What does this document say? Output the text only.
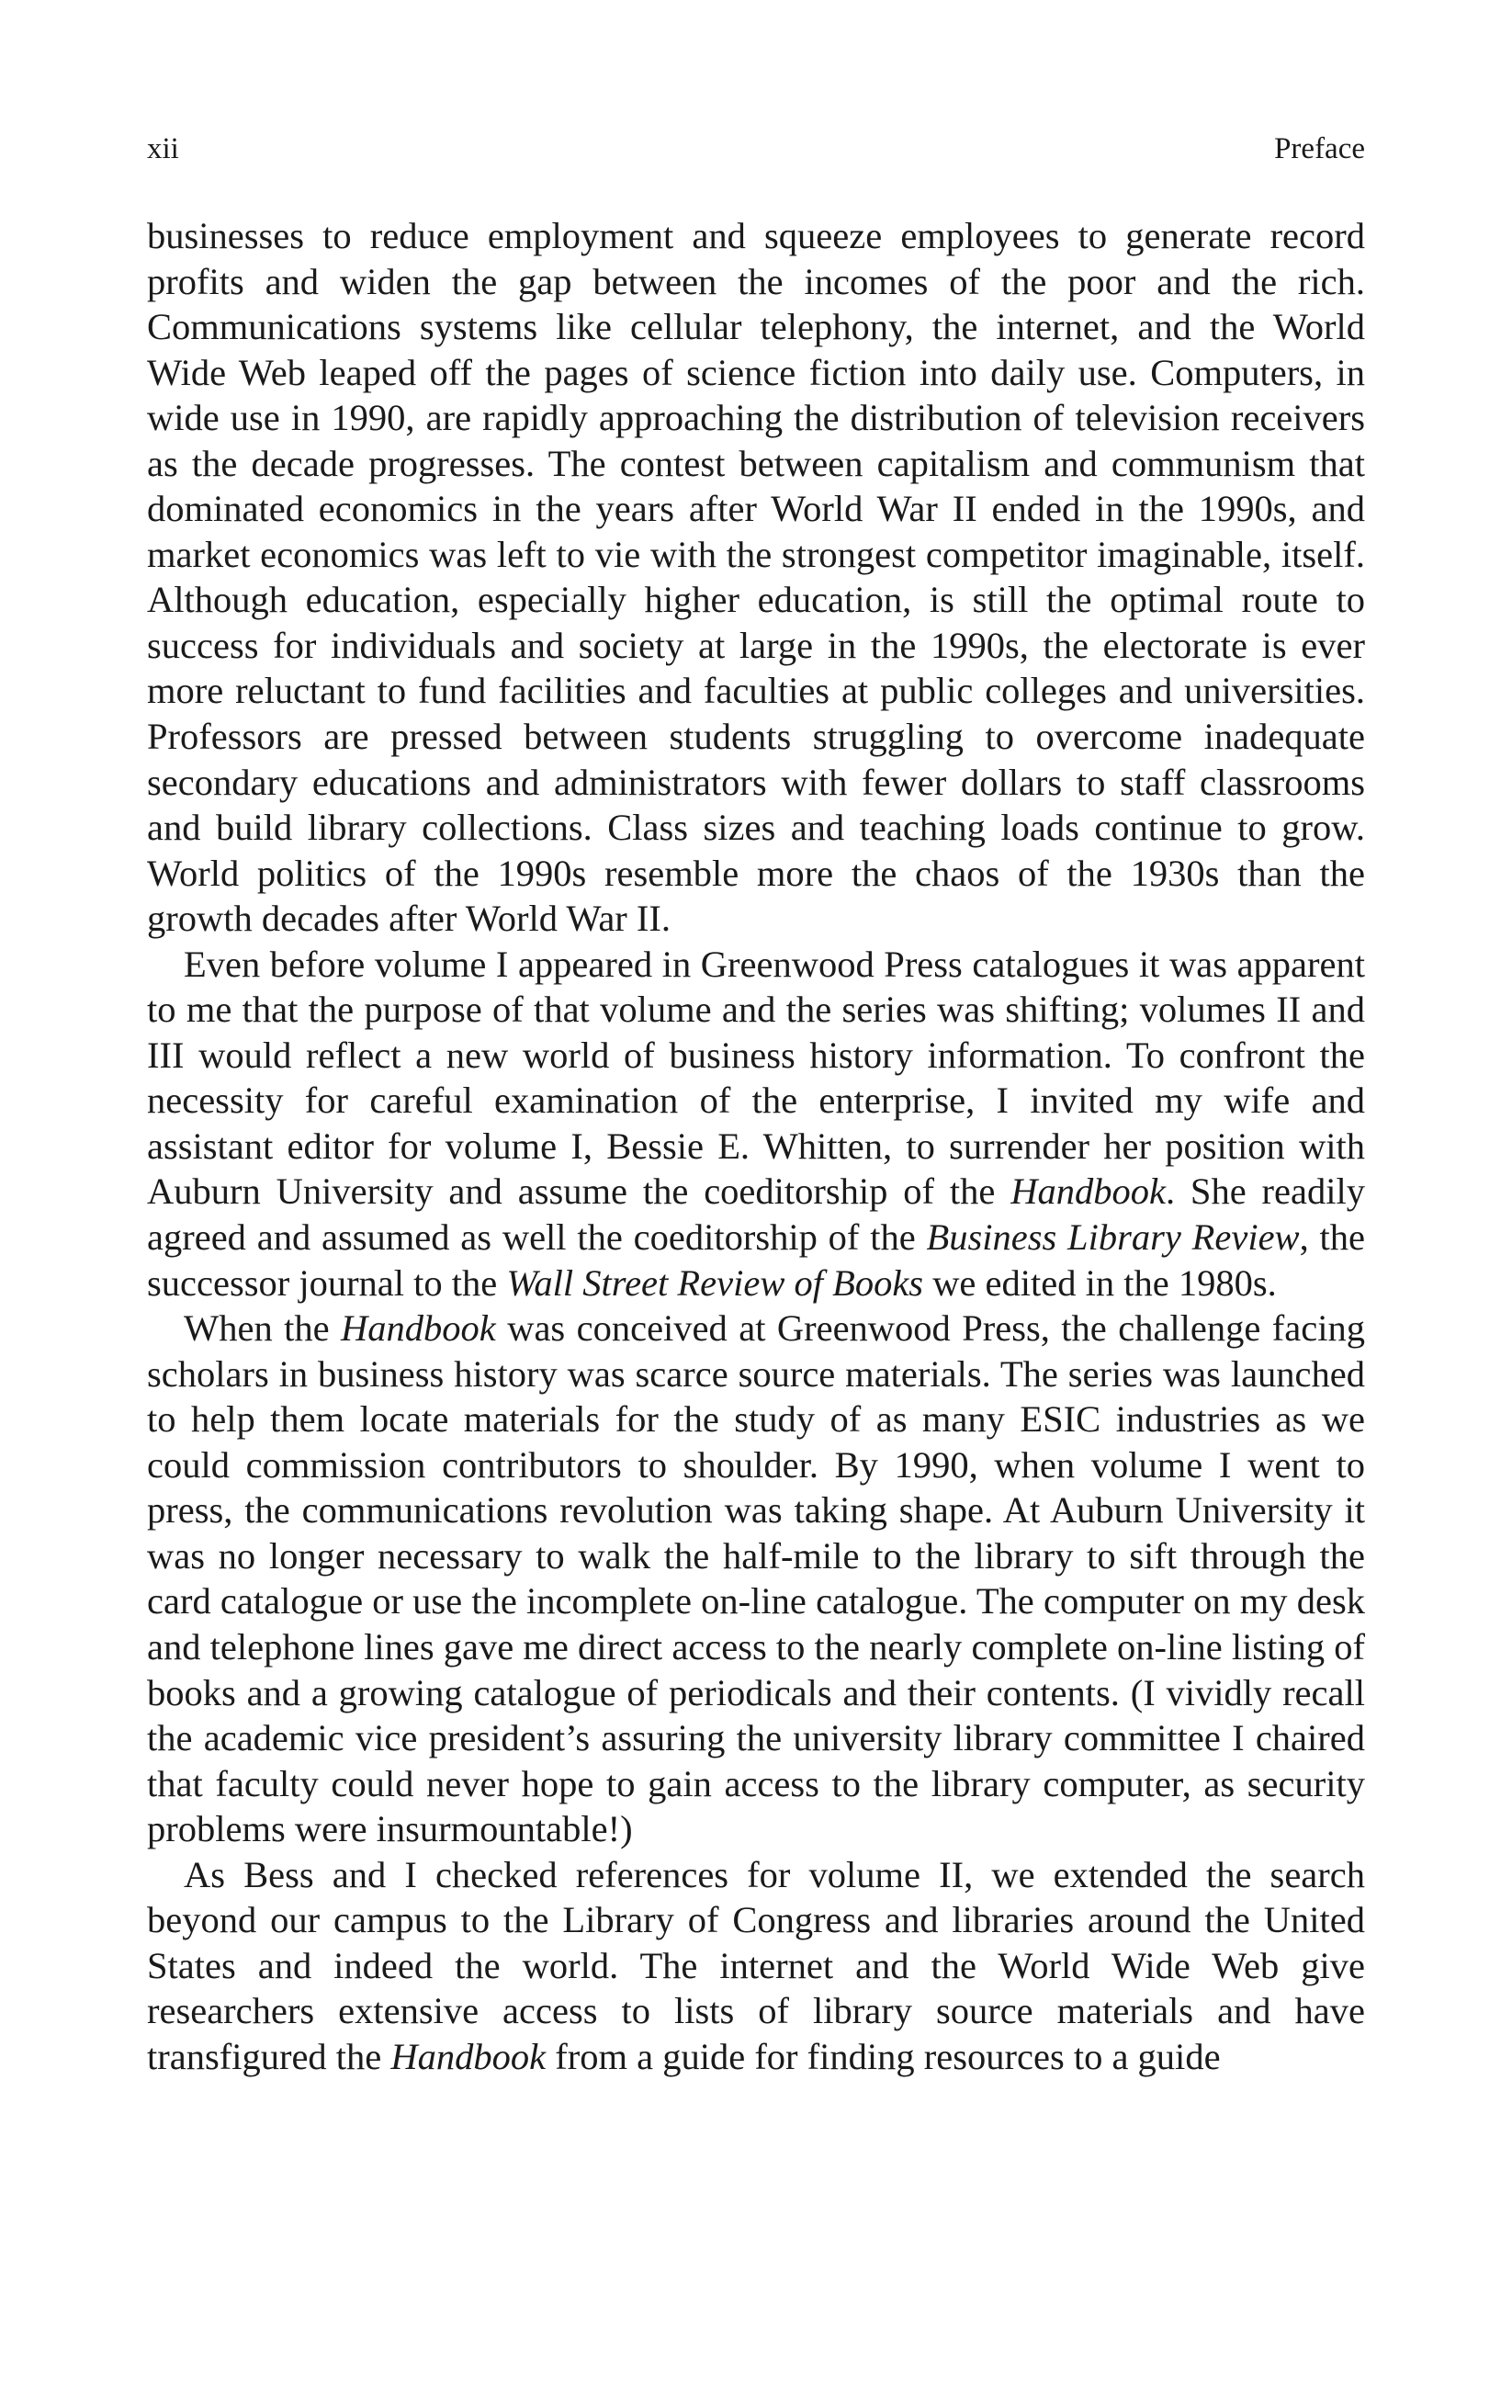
xii	Preface

businesses to reduce employment and squeeze employees to generate record profits and widen the gap between the incomes of the poor and the rich. Communications systems like cellular telephony, the internet, and the World Wide Web leaped off the pages of science fiction into daily use. Computers, in wide use in 1990, are rapidly approaching the distribution of television receivers as the decade progresses. The contest between capitalism and communism that dominated economics in the years after World War II ended in the 1990s, and market economics was left to vie with the strongest competitor imaginable, itself. Although education, especially higher education, is still the optimal route to success for individuals and society at large in the 1990s, the electorate is ever more reluctant to fund facilities and faculties at public colleges and universities. Professors are pressed between students struggling to overcome inadequate secondary educations and administrators with fewer dollars to staff classrooms and build library collections. Class sizes and teaching loads continue to grow. World politics of the 1990s resemble more the chaos of the 1930s than the growth decades after World War II.

Even before volume I appeared in Greenwood Press catalogues it was apparent to me that the purpose of that volume and the series was shifting; volumes II and III would reflect a new world of business history information. To confront the necessity for careful examination of the enterprise, I invited my wife and assistant editor for volume I, Bessie E. Whitten, to surrender her position with Auburn University and assume the coeditorship of the Handbook. She readily agreed and assumed as well the coeditorship of the Business Library Review, the successor journal to the Wall Street Review of Books we edited in the 1980s.

When the Handbook was conceived at Greenwood Press, the challenge facing scholars in business history was scarce source materials. The series was launched to help them locate materials for the study of as many ESIC industries as we could commission contributors to shoulder. By 1990, when volume I went to press, the communications revolution was taking shape. At Auburn University it was no longer necessary to walk the half-mile to the library to sift through the card catalogue or use the incomplete on-line catalogue. The computer on my desk and telephone lines gave me direct access to the nearly complete on-line listing of books and a growing catalogue of periodicals and their contents. (I vividly recall the academic vice president’s assuring the university library committee I chaired that faculty could never hope to gain access to the library computer, as security problems were insurmountable!)

As Bess and I checked references for volume II, we extended the search beyond our campus to the Library of Congress and libraries around the United States and indeed the world. The internet and the World Wide Web give researchers extensive access to lists of library source materials and have transfigured the Handbook from a guide for finding resources to a guide
